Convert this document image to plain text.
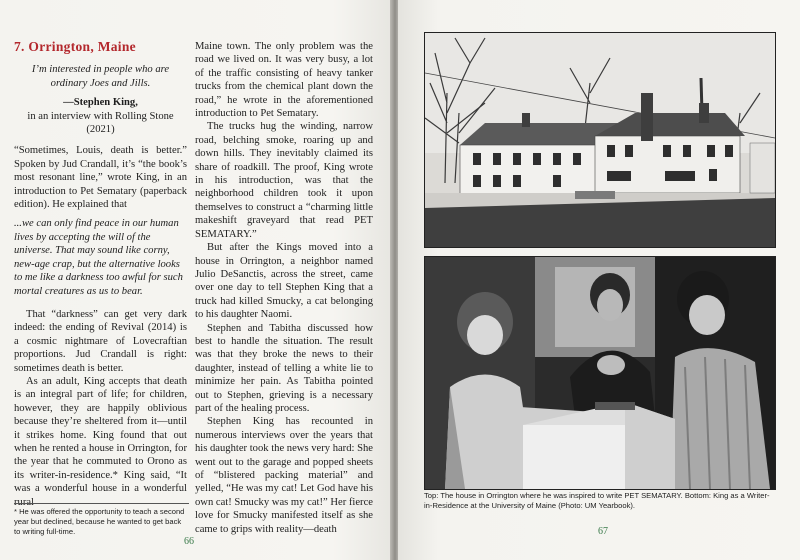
7. Orrington, Maine
I’m interested in people who are ordinary Joes and Jills.
—Stephen King,
in an interview with Rolling Stone (2021)

“Sometimes, Louis, death is better.” Spoken by Jud Crandall, it’s “the book’s most resonant line,” wrote King, in an introduction to Pet Sematary (paperback edition). He explained that

...we can only find peace in our human lives by accepting the will of the universe. That may sound like corny, new-age crap, but the alternative looks to me like a darkness too awful for such mortal creatures as us to bear.

That “darkness” can get very dark indeed: the ending of Revival (2014) is a cosmic nightmare of Lovecraftian proportions. Jud Crandall is right: sometimes death is better.

As an adult, King accepts that death is an integral part of life; for children, however, they are happily oblivious because they’re sheltered from it—until it strikes home. King found that out when he rented a house in Orrington, for the year that he commuted to Orono as its writer-in-residence.* King said, “It was a wonderful house in a wonderful rural

Maine town. The only problem was the road we lived on. It was very busy, a lot of the traffic consisting of heavy tanker trucks from the chemical plant down the road,” he wrote in the aforementioned introduction to Pet Sematary.

The trucks hug the winding, narrow road, belching smoke, roaring up and down hills. They inevitably claimed its share of roadkill. The proof, King wrote in his introduction, was that the neighborhood children took it upon themselves to construct a “charming little makeshift graveyard that read PET SEMATARY.”

But after the Kings moved into a house in Orrington, a neighbor named Julio DeSanctis, across the street, came over one day to tell Stephen King that a truck had killed Smucky, a cat belonging to his daughter Naomi.

Stephen and Tabitha discussed how best to handle the situation. The result was that they broke the news to their daughter, instead of telling a white lie to minimize her pain. As Tabitha pointed out to Stephen, grieving is a necessary part of the healing process.

Stephen King has recounted in numerous interviews over the years that his daughter took the news very hard: She went out to the garage and popped sheets of “blistered packing material” and yelled, “He was my cat! Let God have his own cat! Smucky was my cat!” Her fierce love for Smucky manifested itself as she came to grips with reality—death

* He was offered the opportunity to teach a second year but declined, because he wanted to get back to writing full-time.
66
Top: The house in Orrington where he was inspired to write PET SEMATARY. Bottom: King as a Writer-in-Residence at the University of Maine (Photo: UM Yearbook).
67
